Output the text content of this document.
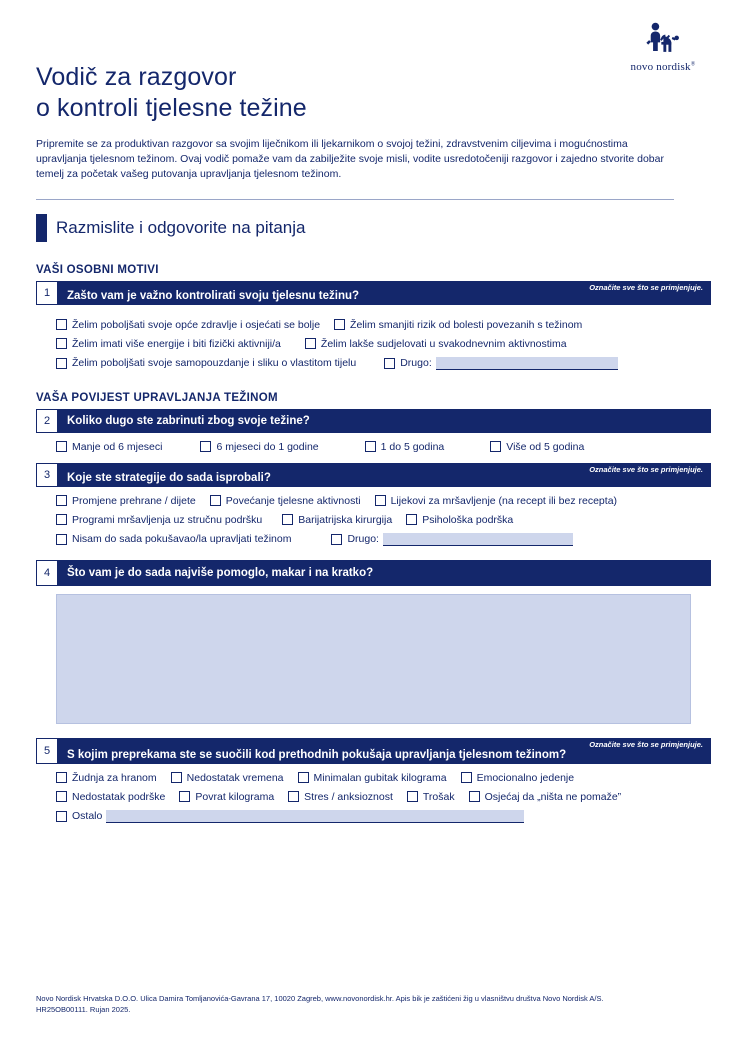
novo nordisk®
Vodič za razgovor
o kontroli tjelesne težine
Pripremite se za produktivan razgovor sa svojim liječnikom ili ljekarnikom o svojoj težini, zdravstvenim ciljevima i mogućnostima upravljanja tjelesnom težinom. Ovaj vodič pomaže vam da zabilježite svoje misli, vodite usredotočeniji razgovor i zajedno stvorite dobar temelj za početak vašeg putovanja upravljanja tjelesnom težinom.
Razmislite i odgovorite na pitanja
VAŠI OSOBNI MOTIVI
1	Zašto vam je važno kontrolirati svoju tjelesnu težinu?
Označite sve što se primjenjuje.
Želim poboljšati svoje opće zdravlje i osjećati se bolje	Želim smanjiti rizik od bolesti povezanih s težinom
Želim imati više energije i biti fizički aktivniji/a	Želim lakše sudjelovati u svakodnevnim aktivnostima
Želim poboljšati svoje samopouzdanje i sliku o vlastitom tijelu	Drugo:
VAŠA POVIJEST UPRAVLJANJA TEŽINOM
2	Koliko dugo ste zabrinuti zbog svoje težine?
Manje od 6 mjeseci	6 mjeseci do 1 godine	1 do 5 godina	Više od 5 godina
3	Koje ste strategije do sada isprobali?
Označite sve što se primjenjuje.
Promjene prehrane / dijete	Povećanje tjelesne aktivnosti	Lijekovi za mršavljenje (na recept ili bez recepta)
Programi mršavljenja uz stručnu podršku	Barijatrijska kirurgija	Psihološka podrška
Nisam do sada pokušavao/la upravljati težinom	Drugo:
4	Što vam je do sada najviše pomoglo, makar i na kratko?
5	S kojim preprekama ste se suočili kod prethodnih pokušaja upravljanja tjelesnom težinom?
Označite sve što se primjenjuje.
Žudnja za hranom	Nedostatak vremena	Minimalan gubitak kilograma	Emocionalno jedenje
Nedostatak podrške	Povrat kilograma	Stres / anksioznost	Trošak	Osjećaj da „ništa ne pomaže”
Ostalo
Novo Nordisk Hrvatska D.O.O. Ulica Damira Tomljanovića-Gavrana 17, 10020 Zagreb, www.novonordisk.hr. Apis bik je zaštićeni žig u vlasništvu društva Novo Nordisk A/S.
HR25OB00111. Rujan 2025.
